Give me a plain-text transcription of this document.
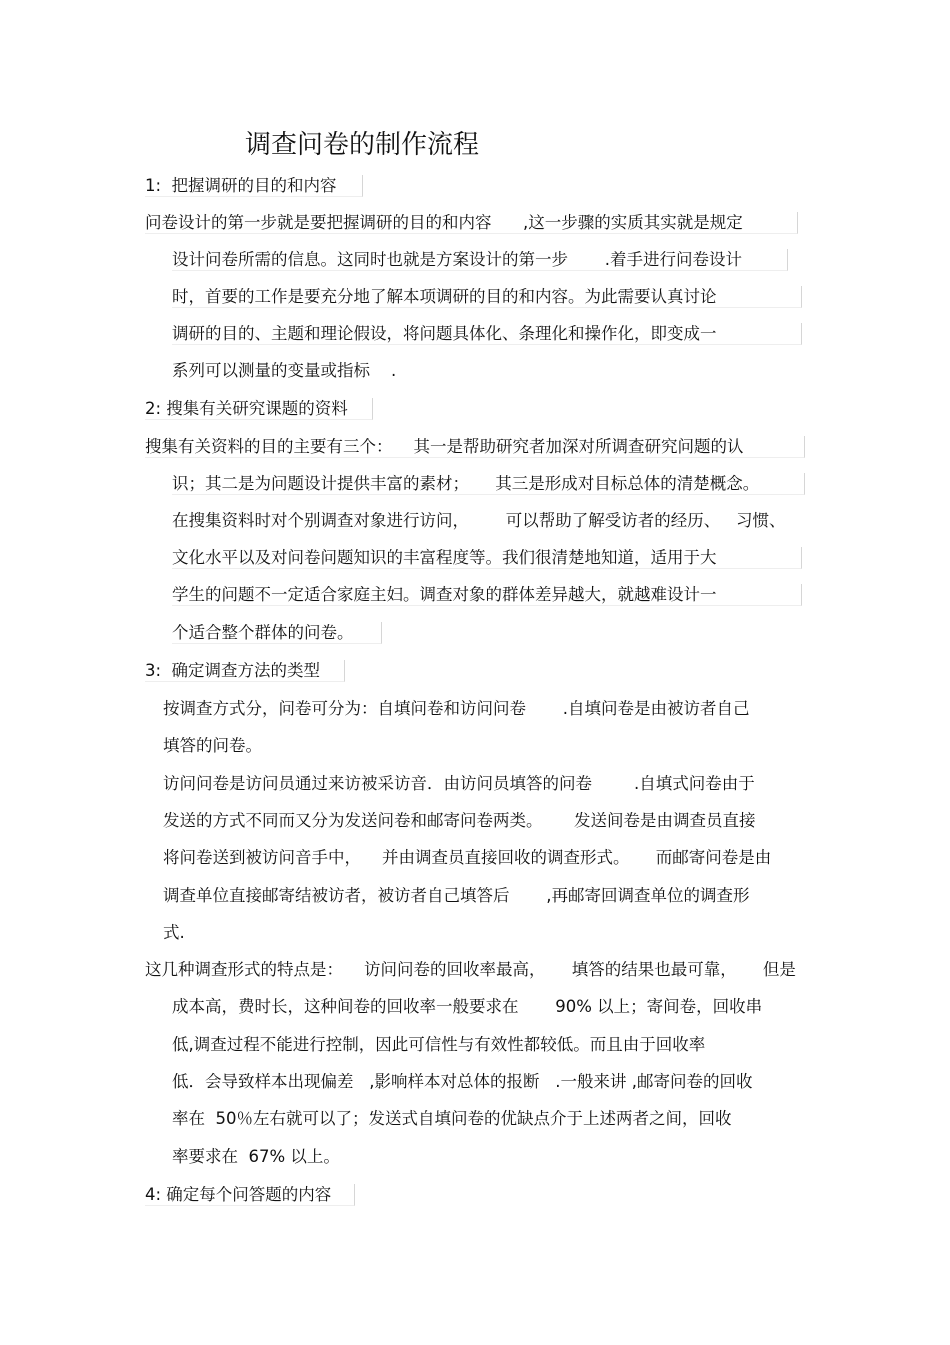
调查问卷的制作流程
1:  把握调研的目的和内容
问卷设计的第一步就是要把握调研的目的和内容      ,这一步骤的实质其实就是规定
设计问卷所需的信息。这同时也就是方案设计的第一步       .着手进行问卷设计
时，首要的工作是要充分地了解本项调研的目的和内容。为此需要认真讨论
调研的目的、主题和理论假设，将问题具体化、条理化和操作化，即变成一
系列可以测量的变量或指标    .
2: 搜集有关研究课题的资料
搜集有关资料的目的主要有三个：    其一是帮助研究者加深对所调查研究问题的认
识；其二是为问题设计提供丰富的素材；     其三是形成对目标总体的清楚概念。
在搜集资料时对个别调查对象进行访问，       可以帮助了解受访者的经历、   习惯、
文化水平以及对问卷问题知识的丰富程度等。我们很清楚地知道，适用于大
学生的问题不一定适合家庭主妇。调查对象的群体差异越大，就越难设计一
个适合整个群体的问卷。
3:  确定调查方法的类型
按调查方式分，问卷可分为：自填问卷和访问问卷       .自填问卷是由被访者自己
填答的问卷。
访问问卷是访问员通过来访被采访音．由访问员填答的问卷        .自填式问卷由于
发送的方式不同而又分为发送问卷和邮寄问卷两类。      发送间卷是由调查员直接
将问卷送到被访问音手中，    并由调查员直接回收的调查形式。     而邮寄问卷是由
调查单位直接邮寄结被访者，被访者自己填答后       ,再邮寄回调查单位的调查形
式.
这几种调查形式的特点是：    访问问卷的回收率最高，     填答的结果也最可靠，     但是
成本高，费时长，这种间卷的回收率一般要求在       90% 以上；寄间卷，回收串
低,调查过程不能进行控制，因此可信性与有效性都较低。而且由于回收率
低．会导致样本出现偏差   ,影响样本对总体的报断   .一般来讲 ,邮寄问卷的回收
率在  50％左右就可以了；发送式自填问卷的优缺点介于上述两者之间，回收
率要求在  67% 以上。
4: 确定每个问答题的内容
